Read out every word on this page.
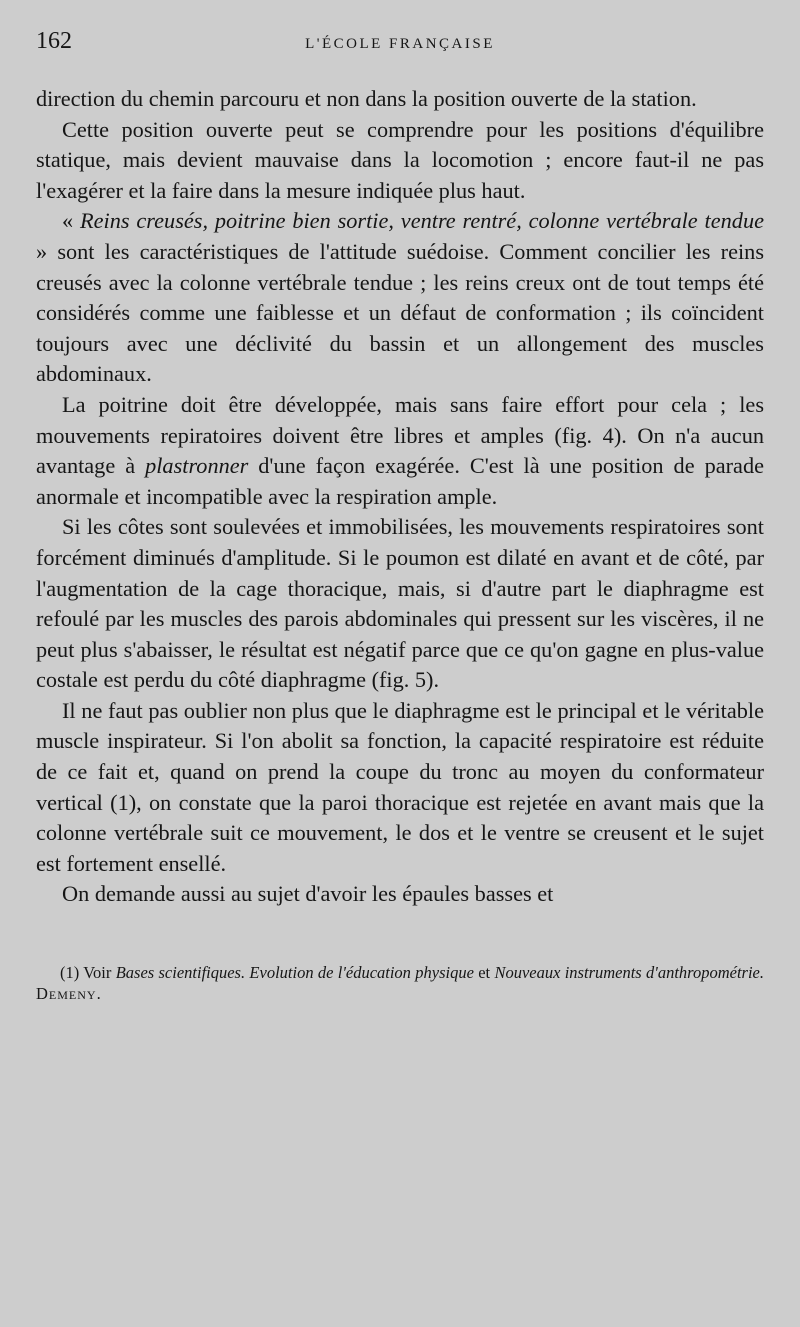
162	L'ÉCOLE FRANÇAISE

direction du chemin parcouru et non dans la position ouverte de la station.

Cette position ouverte peut se comprendre pour les positions d'équilibre statique, mais devient mauvaise dans la locomotion ; encore faut-il ne pas l'exagérer et la faire dans la mesure indiquée plus haut.

« Reins creusés, poitrine bien sortie, ventre rentré, colonne vertébrale tendue » sont les caractéristiques de l'attitude suédoise. Comment concilier les reins creusés avec la colonne vertébrale tendue ; les reins creux ont de tout temps été considérés comme une faiblesse et un défaut de conformation ; ils coïncident toujours avec une déclivité du bassin et un allongement des muscles abdominaux.

La poitrine doit être développée, mais sans faire effort pour cela ; les mouvements repiratoires doivent être libres et amples (fig. 4). On n'a aucun avantage à plastronner d'une façon exagérée. C'est là une position de parade anormale et incompatible avec la respiration ample.

Si les côtes sont soulevées et immobilisées, les mouvements respiratoires sont forcément diminués d'amplitude. Si le poumon est dilaté en avant et de côté, par l'augmentation de la cage thoracique, mais, si d'autre part le diaphragme est refoulé par les muscles des parois abdominales qui pressent sur les viscères, il ne peut plus s'abaisser, le résultat est négatif parce que ce qu'on gagne en plus-value costale est perdu du côté diaphragme (fig. 5).

Il ne faut pas oublier non plus que le diaphragme est le principal et le véritable muscle inspirateur. Si l'on abolit sa fonction, la capacité respiratoire est réduite de ce fait et, quand on prend la coupe du tronc au moyen du conformateur vertical (1), on constate que la paroi thoracique est rejetée en avant mais que la colonne vertébrale suit ce mouvement, le dos et le ventre se creusent et le sujet est fortement ensellé.

On demande aussi au sujet d'avoir les épaules basses et

(1) Voir Bases scientifiques. Evolution de l'éducation physique et Nouveaux instruments d'anthropométrie. Demeny.
